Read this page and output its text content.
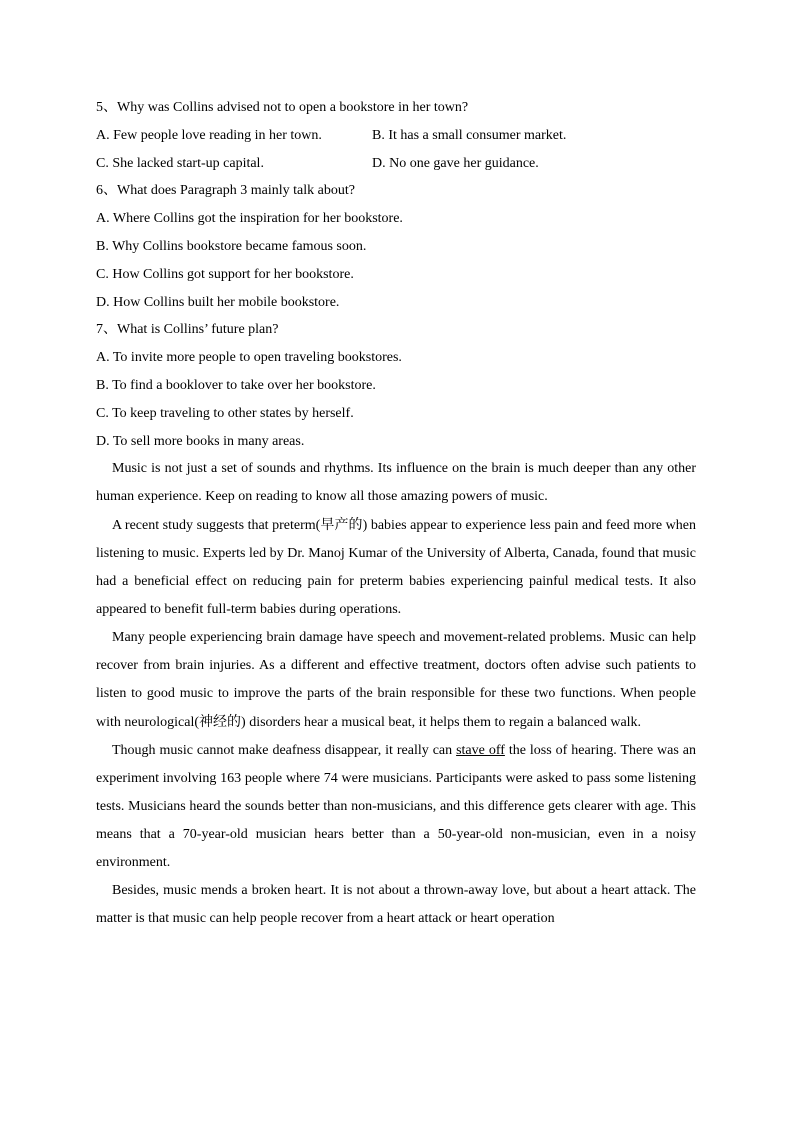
5、Why was Collins advised not to open a bookstore in her town?
A. Few people love reading in her town.	B. It has a small consumer market.
C. She lacked start-up capital.	D. No one gave her guidance.
6、What does Paragraph 3 mainly talk about?
A. Where Collins got the inspiration for her bookstore.
B. Why Collins bookstore became famous soon.
C. How Collins got support for her bookstore.
D. How Collins built her mobile bookstore.
7、What is Collins’ future plan?
A. To invite more people to open traveling bookstores.
B. To find a booklover to take over her bookstore.
C. To keep traveling to other states by herself.
D. To sell more books in many areas.

Music is not just a set of sounds and rhythms. Its influence on the brain is much deeper than any other human experience. Keep on reading to know all those amazing powers of music.

A recent study suggests that preterm(早产的) babies appear to experience less pain and feed more when listening to music. Experts led by Dr. Manoj Kumar of the University of Alberta, Canada, found that music had a beneficial effect on reducing pain for preterm babies experiencing painful medical tests. It also appeared to benefit full-term babies during operations.

Many people experiencing brain damage have speech and movement-related problems. Music can help recover from brain injuries. As a different and effective treatment, doctors often advise such patients to listen to good music to improve the parts of the brain responsible for these two functions. When people with neurological(神经的) disorders hear a musical beat, it helps them to regain a balanced walk.

Though music cannot make deafness disappear, it really can stave off the loss of hearing. There was an experiment involving 163 people where 74 were musicians. Participants were asked to pass some listening tests. Musicians heard the sounds better than non-musicians, and this difference gets clearer with age. This means that a 70-year-old musician hears better than a 50-year-old non-musician, even in a noisy environment.

Besides, music mends a broken heart. It is not about a thrown-away love, but about a heart attack. The matter is that music can help people recover from a heart attack or heart operation
